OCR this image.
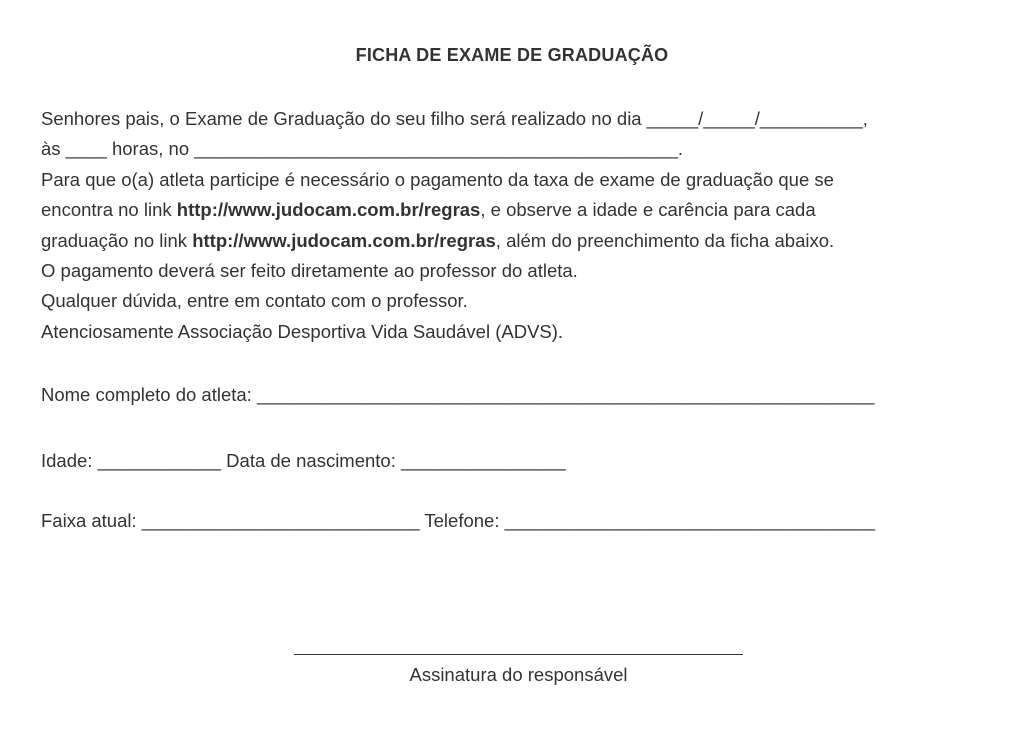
FICHA DE EXAME DE GRADUAÇÃO
Senhores pais, o Exame de Graduação do seu filho será realizado no dia _____/_____/__________,
às ____ horas, no _______________________________________________.
Para que o(a) atleta participe é necessário o pagamento da taxa de exame de graduação que se
encontra no link http://www.judocam.com.br/regras, e observe a idade e carência para cada
graduação no link http://www.judocam.com.br/regras, além do preenchimento da ficha abaixo.
O pagamento deverá ser feito diretamente ao professor do atleta.
Qualquer dúvida, entre em contato com o professor.
Atenciosamente Associação Desportiva Vida Saudável (ADVS).
Nome completo do atleta: ____________________________________________________________
Idade: ____________ Data de nascimento: ________________
Faixa atual: ___________________________ Telefone: ____________________________________
Assinatura do responsável
